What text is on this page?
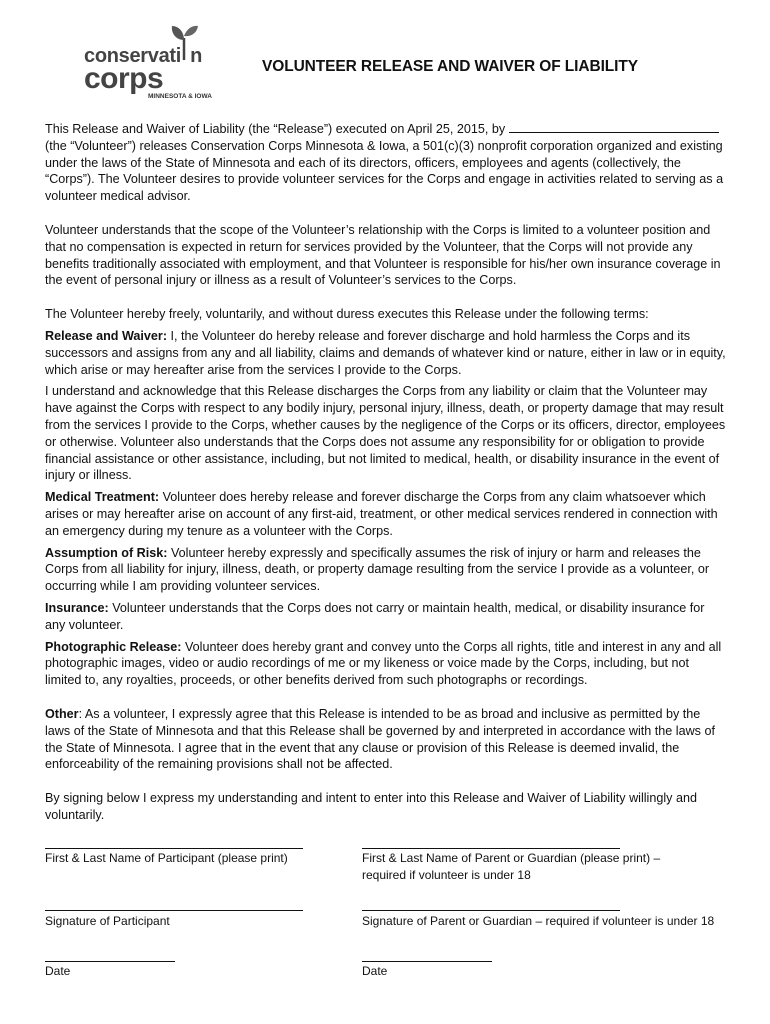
conservati n
corps
MINNESOTA & IOWA
VOLUNTEER RELEASE AND WAIVER OF LIABILITY

This Release and Waiver of Liability (the “Release”) executed on April 25, 2015, by (the “Volunteer”) releases Conservation Corps Minnesota & Iowa, a 501(c)(3) nonprofit corporation organized and existing under the laws of the State of Minnesota and each of its directors, officers, employees and agents (collectively, the “Corps”). The Volunteer desires to provide volunteer services for the Corps and engage in activities related to serving as a volunteer medical advisor.

Volunteer understands that the scope of the Volunteer’s relationship with the Corps is limited to a volunteer position and that no compensation is expected in return for services provided by the Volunteer, that the Corps will not provide any benefits traditionally associated with employment, and that Volunteer is responsible for his/her own insurance coverage in the event of personal injury or illness as a result of Volunteer’s services to the Corps.

The Volunteer hereby freely, voluntarily, and without duress executes this Release under the following terms:

Release and Waiver: I, the Volunteer do hereby release and forever discharge and hold harmless the Corps and its successors and assigns from any and all liability, claims and demands of whatever kind or nature, either in law or in equity, which arise or may hereafter arise from the services I provide to the Corps.

I understand and acknowledge that this Release discharges the Corps from any liability or claim that the Volunteer may have against the Corps with respect to any bodily injury, personal injury, illness, death, or property damage that may result from the services I provide to the Corps, whether causes by the negligence of the Corps or its officers, director, employees or otherwise. Volunteer also understands that the Corps does not assume any responsibility for or obligation to provide financial assistance or other assistance, including, but not limited to medical, health, or disability insurance in the event of injury or illness.

Medical Treatment: Volunteer does hereby release and forever discharge the Corps from any claim whatsoever which arises or may hereafter arise on account of any first-aid, treatment, or other medical services rendered in connection with an emergency during my tenure as a volunteer with the Corps.

Assumption of Risk: Volunteer hereby expressly and specifically assumes the risk of injury or harm and releases the Corps from all liability for injury, illness, death, or property damage resulting from the service I provide as a volunteer, or occurring while I am providing volunteer services.

Insurance: Volunteer understands that the Corps does not carry or maintain health, medical, or disability insurance for any volunteer.

Photographic Release: Volunteer does hereby grant and convey unto the Corps all rights, title and interest in any and all photographic images, video or audio recordings of me or my likeness or voice made by the Corps, including, but not limited to, any royalties, proceeds, or other benefits derived from such photographs or recordings.

Other: As a volunteer, I expressly agree that this Release is intended to be as broad and inclusive as permitted by the laws of the State of Minnesota and that this Release shall be governed by and interpreted in accordance with the laws of the State of Minnesota. I agree that in the event that any clause or provision of this Release is deemed invalid, the enforceability of the remaining provisions shall not be affected.

By signing below I express my understanding and intent to enter into this Release and Waiver of Liability willingly and voluntarily.

First & Last Name of Participant (please print)	First & Last Name of Parent or Guardian (please print) – required if volunteer is under 18
Signature of Participant	Signature of Parent or Guardian – required if volunteer is under 18
Date	Date
